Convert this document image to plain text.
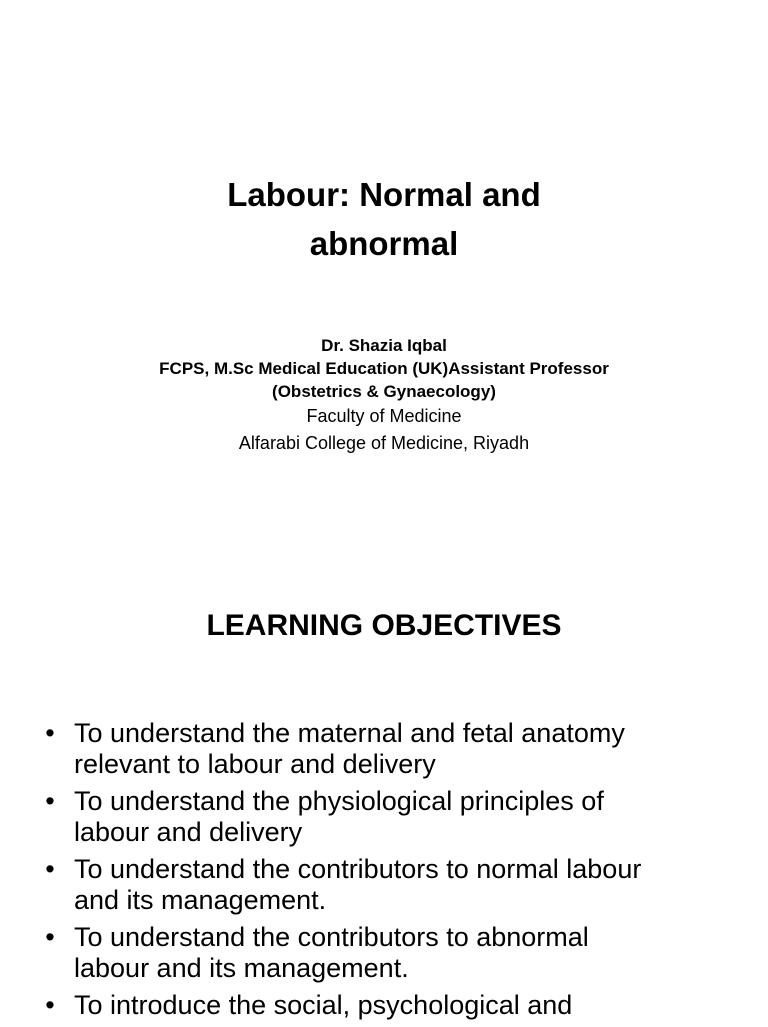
Labour: Normal and
abnormal
Dr. Shazia Iqbal
FCPS, M.Sc Medical Education (UK)Assistant Professor
(Obstetrics & Gynaecology)
Faculty of Medicine
Alfarabi College of Medicine, Riyadh
LEARNING OBJECTIVES
• To understand the maternal and fetal anatomy
relevant to labour and delivery
• To understand the physiological principles of
labour and delivery
• To understand the contributors to normal labour
and its management.
• To understand the contributors to abnormal
labour and its management.
• To introduce the social, psychological and
